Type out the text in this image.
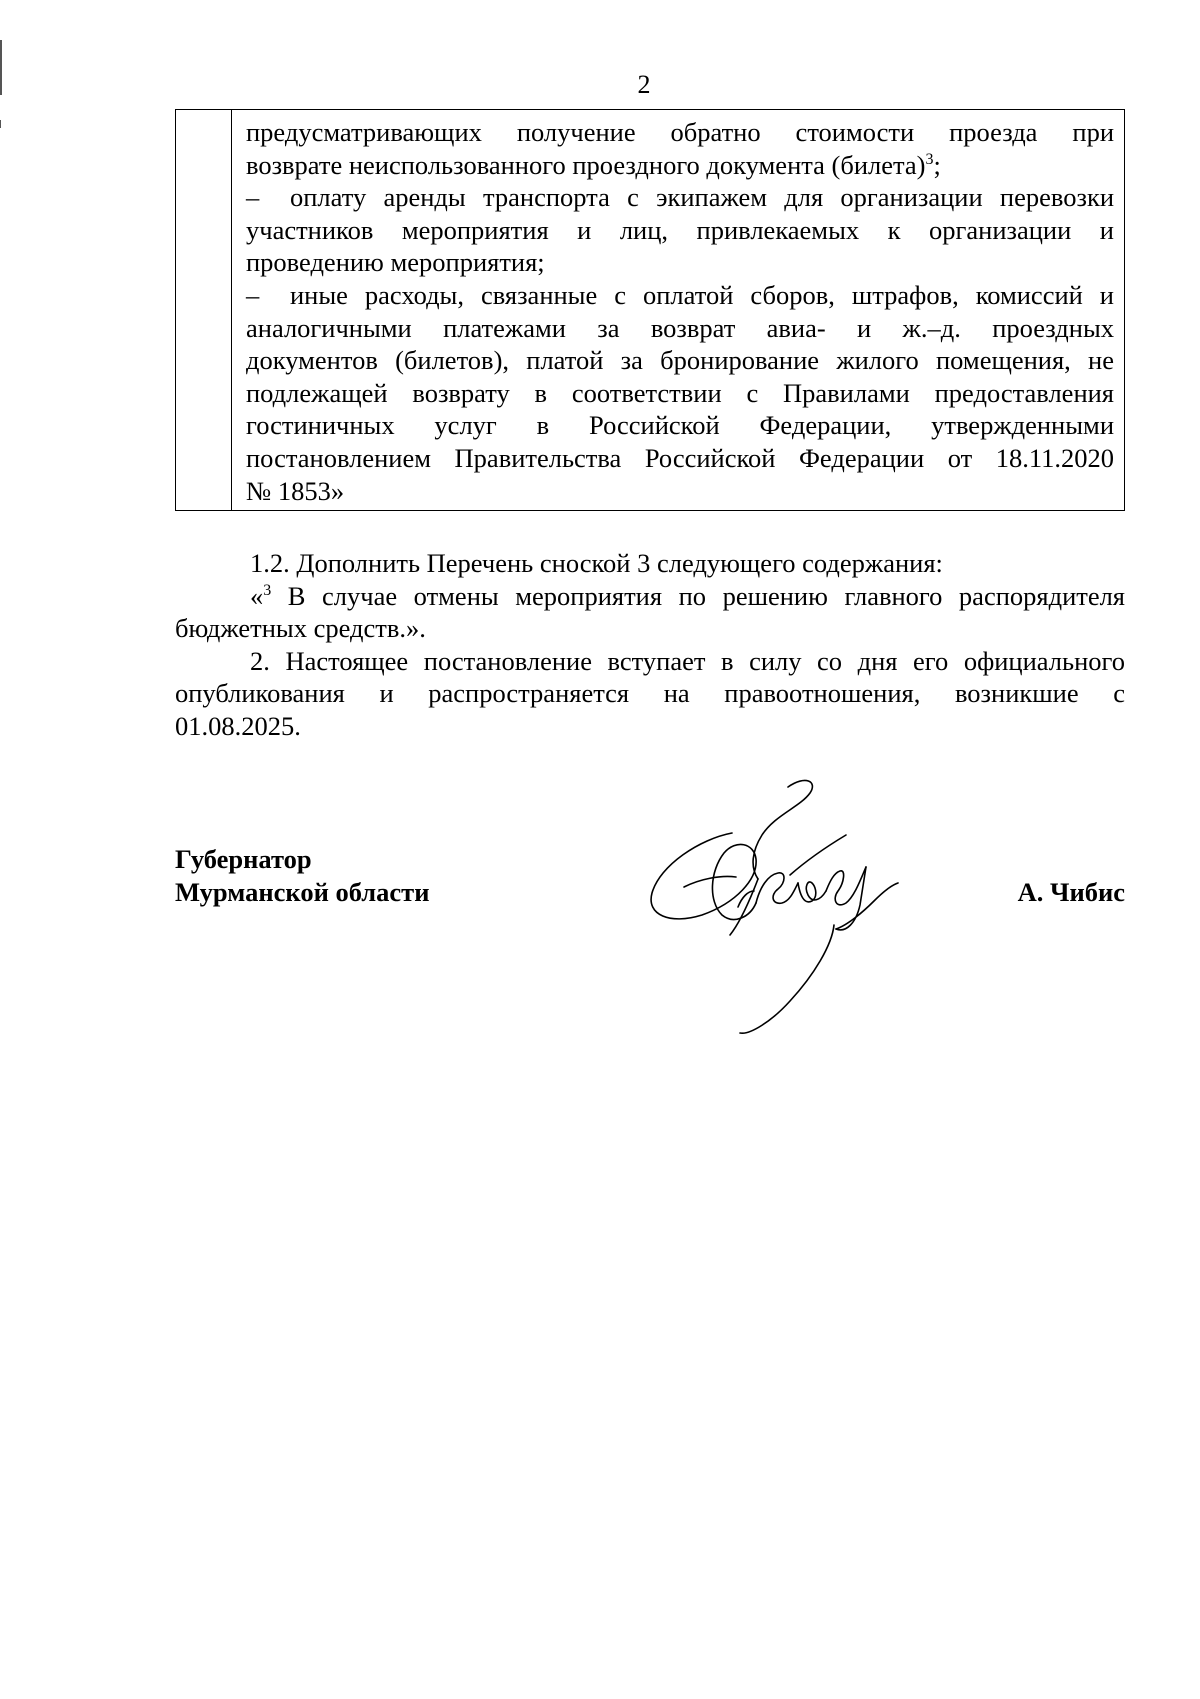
2
предусматривающих получение обратно стоимости проезда при
возврате неиспользованного проездного документа (билета)$^3$;
– оплату аренды транспорта с экипажем для организации перевозки
участников мероприятия и лиц, привлекаемых к организации и
проведению мероприятия;
– иные расходы, связанные с оплатой сборов, штрафов, комиссий и
аналогичными платежами за возврат авиа- и ж.–д. проездных
документов (билетов), платой за бронирование жилого помещения, не
подлежащей возврату в соответствии с Правилами предоставления
гостиничных услуг в Российской Федерации, утвержденными
постановлением Правительства Российской Федерации от 18.11.2020
№ 1853»
1.2. Дополнить Перечень сноской 3 следующего содержания:
«$^3$ В случае отмены мероприятия по решению главного распорядителя
бюджетных средств.».
2. Настоящее постановление вступает в силу со дня его официального
опубликования и распространяется на правоотношения, возникшие с
01.08.2025.
Губернатор
Мурманской области	А. Чибис
